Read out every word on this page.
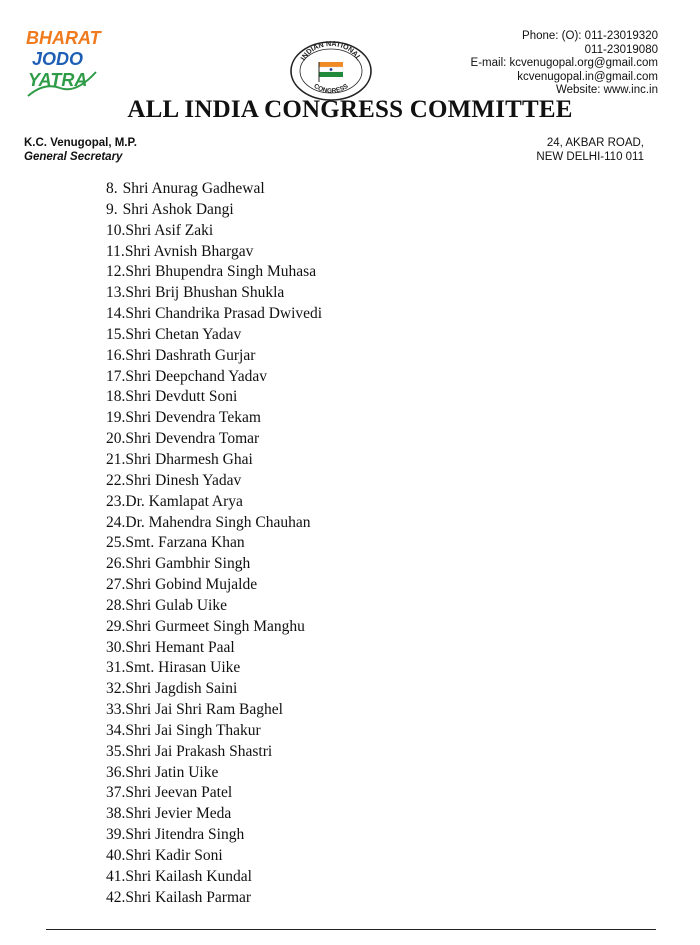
BHARAT
JODO
YATRA
INDIAN NATIONAL
CONGRESS
Phone: (O): 011-23019320
011-23019080
E-mail: kcvenugopal.org@gmail.com
kcvenugopal.in@gmail.com
Website: www.inc.in
ALL INDIA CONGRESS COMMITTEE
K.C. Venugopal, M.P.
General Secretary
24, AKBAR ROAD,
NEW DELHI-110 011
8. Shri Anurag Gadhewal
9. Shri Ashok Dangi
10.Shri Asif Zaki
11.Shri Avnish Bhargav
12.Shri Bhupendra Singh Muhasa
13.Shri Brij Bhushan Shukla
14.Shri Chandrika Prasad Dwivedi
15.Shri Chetan Yadav
16.Shri Dashrath Gurjar
17.Shri Deepchand Yadav
18.Shri Devdutt Soni
19.Shri Devendra Tekam
20.Shri Devendra Tomar
21.Shri Dharmesh Ghai
22.Shri Dinesh Yadav
23.Dr. Kamlapat Arya
24.Dr. Mahendra Singh Chauhan
25.Smt. Farzana Khan
26.Shri Gambhir Singh
27.Shri Gobind Mujalde
28.Shri Gulab Uike
29.Shri Gurmeet Singh Manghu
30.Shri Hemant Paal
31.Smt. Hirasan Uike
32.Shri Jagdish Saini
33.Shri Jai Shri Ram Baghel
34.Shri Jai Singh Thakur
35.Shri Jai Prakash Shastri
36.Shri Jatin Uike
37.Shri Jeevan Patel
38.Shri Jevier Meda
39.Shri Jitendra Singh
40.Shri Kadir Soni
41.Shri Kailash Kundal
42.Shri Kailash Parmar
